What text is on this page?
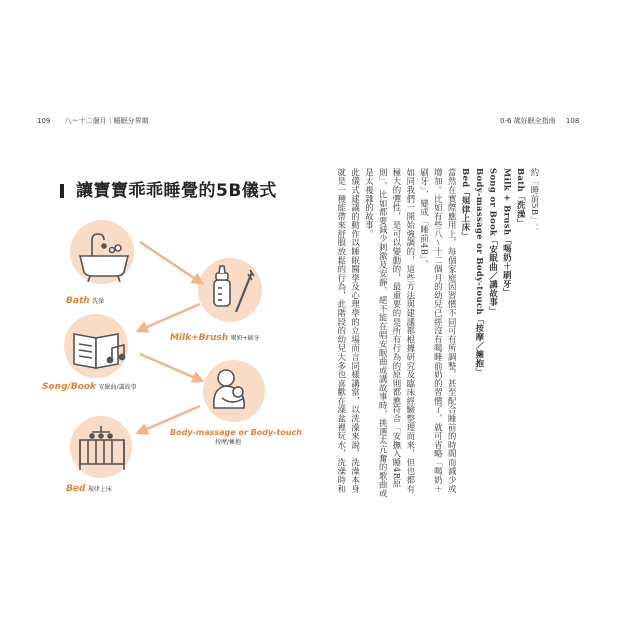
109 八～十二個月｜睡眠分界期	0-6 歲好眠全指南 108
讓寶寶乖乖睡覺的5B儀式
Bath 洗澡
Milk+Brush 喝奶+刷牙
Song/Book 安眠曲/講故事
Body-massage or Body-touch
按摩/擁抱
Bed 規律上床

約「睡前5B」：

Bath「洗澡」

Milk + Brush「喝奶＋刷牙」

Song or Book「安眠曲／講故事」

Body-massage or Body-touch「按摩／擁抱」

Bed「規律上床」

當然在實際應用上，每個家庭因習慣不同可有所調整，甚至配合睡前的時間而減少或增加。比如有些八〜十二個月的幼兒已經沒有喝睡前奶的習慣了，就可省略「喝奶＋刷牙」，變成「睡前4B」。

如同我們一開始強調的，這些方法與建議都根據研究及臨床經驗整理而來，但也都有極大的彈性，是可以變動的，最重要的是所有行為的原則都應符合「安撫入睡4R原則」，比如都要減少刺激及安靜，絕不能在唱安眠曲或講故事時，挑選太亢奮的歌曲或是太複雜的故事。

此儀式建議的動作以睡眠醫學及心理學的立場而言同樣講當，以洗澡來說，洗澡本身就是一種能帶來舒服放鬆的行為，此階段的幼兒大多也喜歡在澡盆裡玩水，洗澡時和
